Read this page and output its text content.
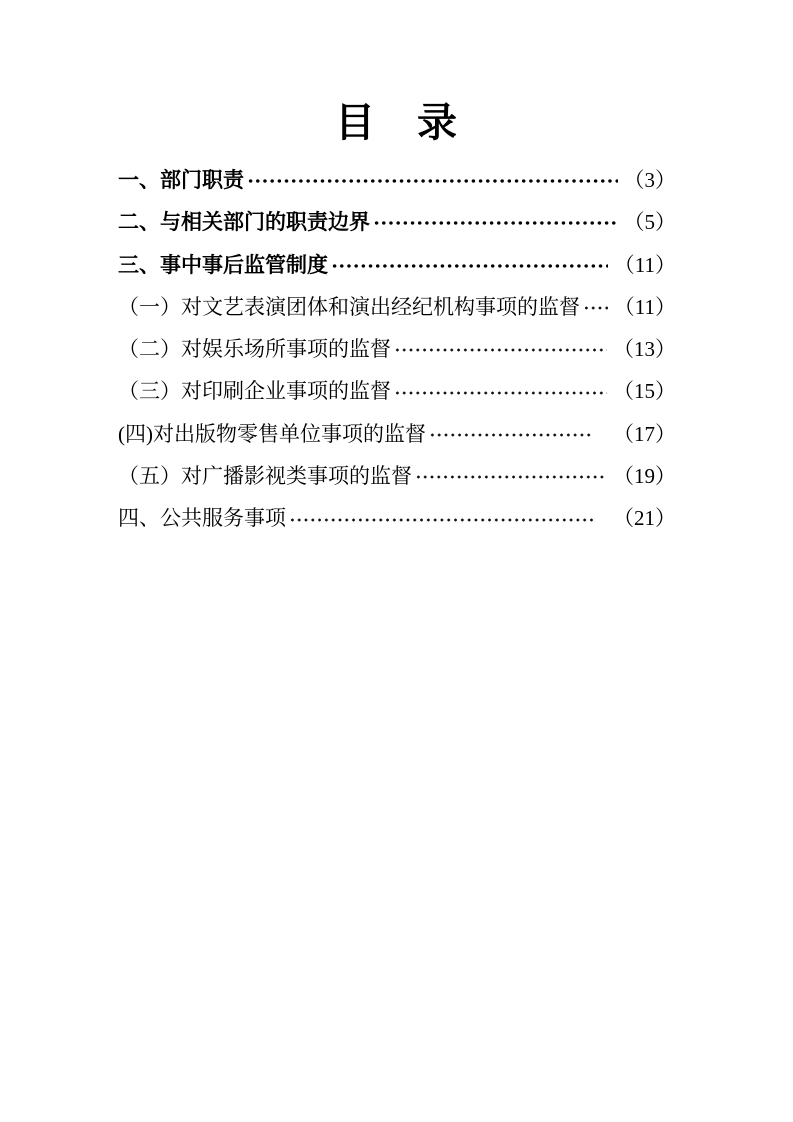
目　录
一、部门职责	（3）
二、与相关部门的职责边界	（5）
三、事中事后监管制度	（11）
（一）对文艺表演团体和演出经纪机构事项的监督 （11）
（二）对娱乐场所事项的监督	（13）
（三）对印刷企业事项的监督	（15）
(四)对出版物零售单位事项的监督	（17）
（五）对广播影视类事项的监督	（19）
四、公共服务事项	（21）
